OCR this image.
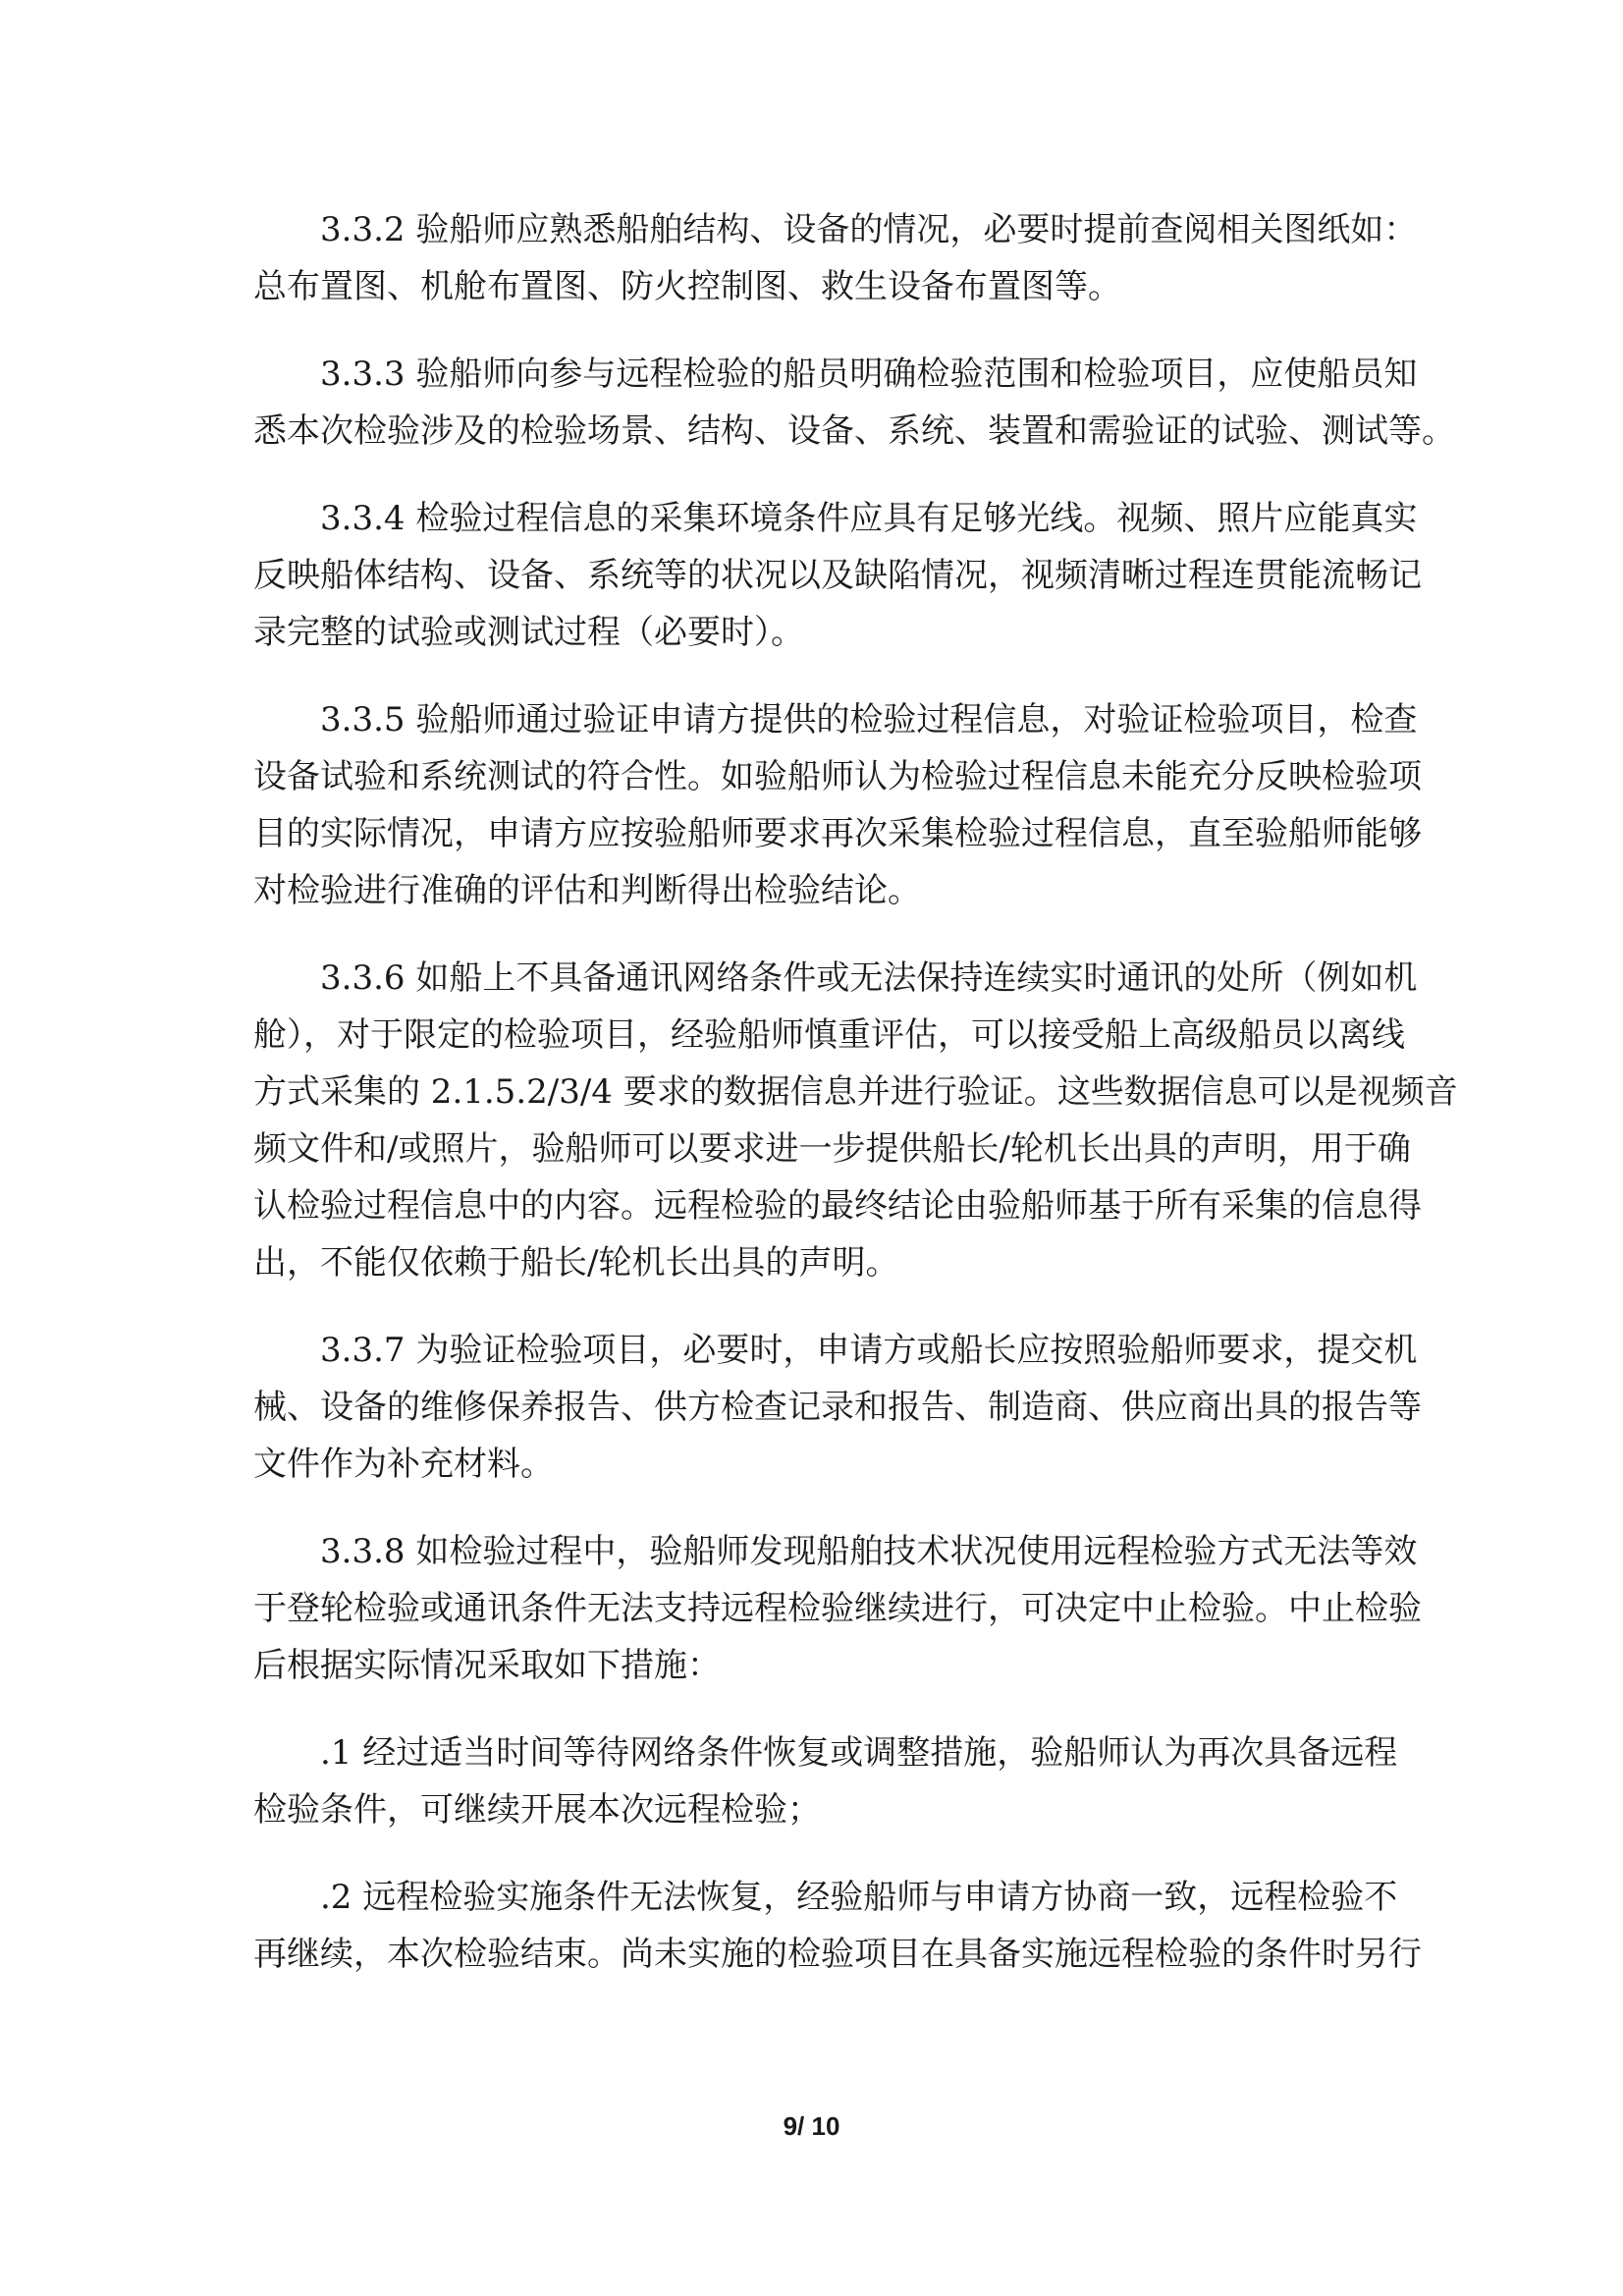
3.3.2 验船师应熟悉船舶结构、设备的情况，必要时提前查阅相关图纸如：
总布置图、机舱布置图、防火控制图、救生设备布置图等。
3.3.3 验船师向参与远程检验的船员明确检验范围和检验项目，应使船员知
悉本次检验涉及的检验场景、结构、设备、系统、装置和需验证的试验、测试等。
3.3.4 检验过程信息的采集环境条件应具有足够光线。视频、照片应能真实
反映船体结构、设备、系统等的状况以及缺陷情况，视频清晰过程连贯能流畅记
录完整的试验或测试过程（必要时）。
3.3.5 验船师通过验证申请方提供的检验过程信息，对验证检验项目，检查
设备试验和系统测试的符合性。如验船师认为检验过程信息未能充分反映检验项
目的实际情况，申请方应按验船师要求再次采集检验过程信息，直至验船师能够
对检验进行准确的评估和判断得出检验结论。
3.3.6 如船上不具备通讯网络条件或无法保持连续实时通讯的处所（例如机
舱），对于限定的检验项目，经验船师慎重评估，可以接受船上高级船员以离线
方式采集的 2.1.5.2/3/4 要求的数据信息并进行验证。这些数据信息可以是视频音
频文件和/或照片，验船师可以要求进一步提供船长/轮机长出具的声明，用于确
认检验过程信息中的内容。远程检验的最终结论由验船师基于所有采集的信息得
出，不能仅依赖于船长/轮机长出具的声明。
3.3.7 为验证检验项目，必要时，申请方或船长应按照验船师要求，提交机
械、设备的维修保养报告、供方检查记录和报告、制造商、供应商出具的报告等
文件作为补充材料。
3.3.8 如检验过程中，验船师发现船舶技术状况使用远程检验方式无法等效
于登轮检验或通讯条件无法支持远程检验继续进行，可决定中止检验。中止检验
后根据实际情况采取如下措施：
.1 经过适当时间等待网络条件恢复或调整措施，验船师认为再次具备远程
检验条件，可继续开展本次远程检验；
.2 远程检验实施条件无法恢复，经验船师与申请方协商一致，远程检验不
再继续，本次检验结束。尚未实施的检验项目在具备实施远程检验的条件时另行
9/ 10
